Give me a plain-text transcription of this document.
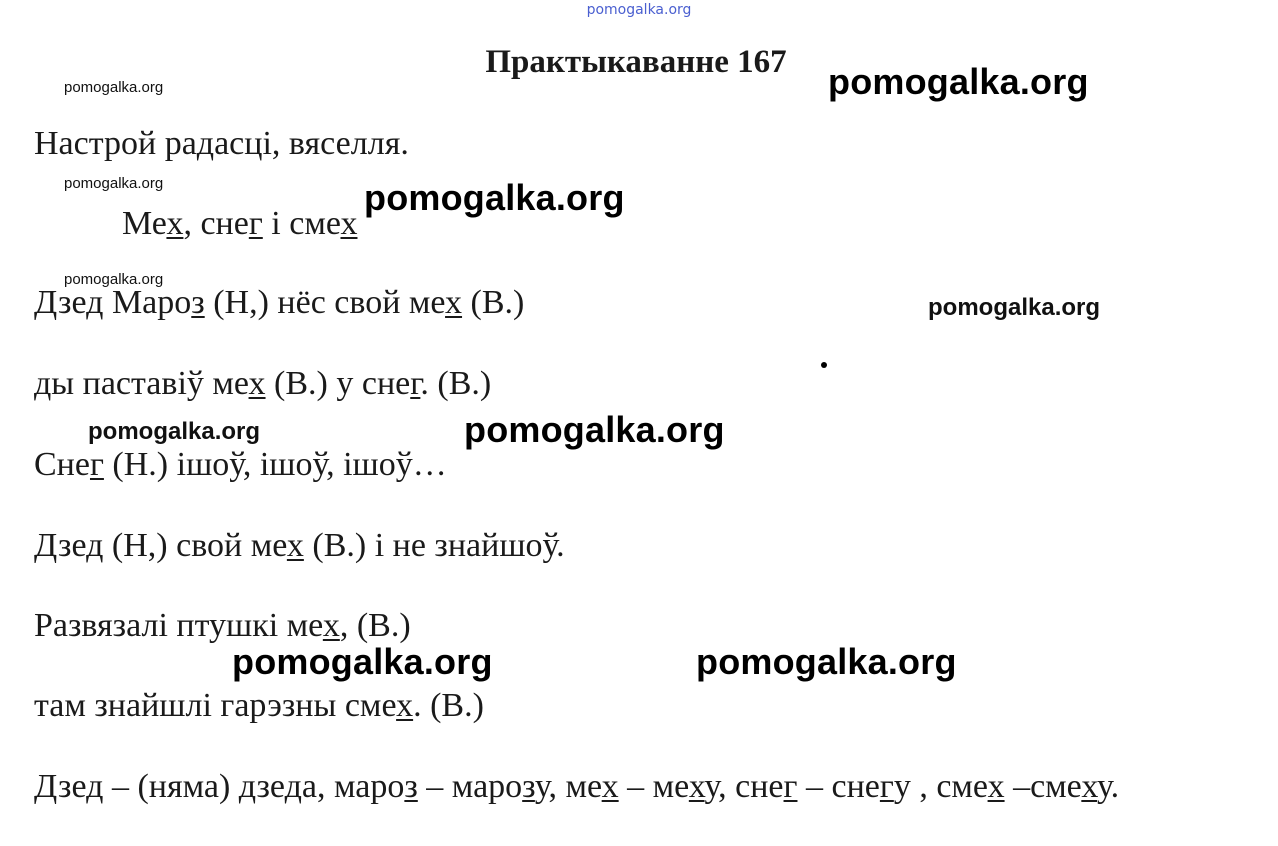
pomogalka.org
Практыкаванне 167
pomogalka.org	pomogalka.org
Настрой радасці, вяселля.
pomogalka.org	pomogalka.org
Мех, снег і смех
pomogalka.org
Дзед Мароз (Н,) нёс свой мех (В.)	pomogalka.org
ды паставіў мех (В.) у снег. (В.)
pomogalka.org	pomogalka.org
Снег (Н.) ішоў, ішоў, ішоў…
Дзед (Н,) свой мех (В.) і не знайшоў.
Развязалі птушкі мех, (В.)
pomogalka.org	pomogalka.org
там знайшлі гарэзны смех. (В.)
Дзед – (няма) дзеда, мароз – марозу, мех – меху, снег – снегу , смех –смеху.
